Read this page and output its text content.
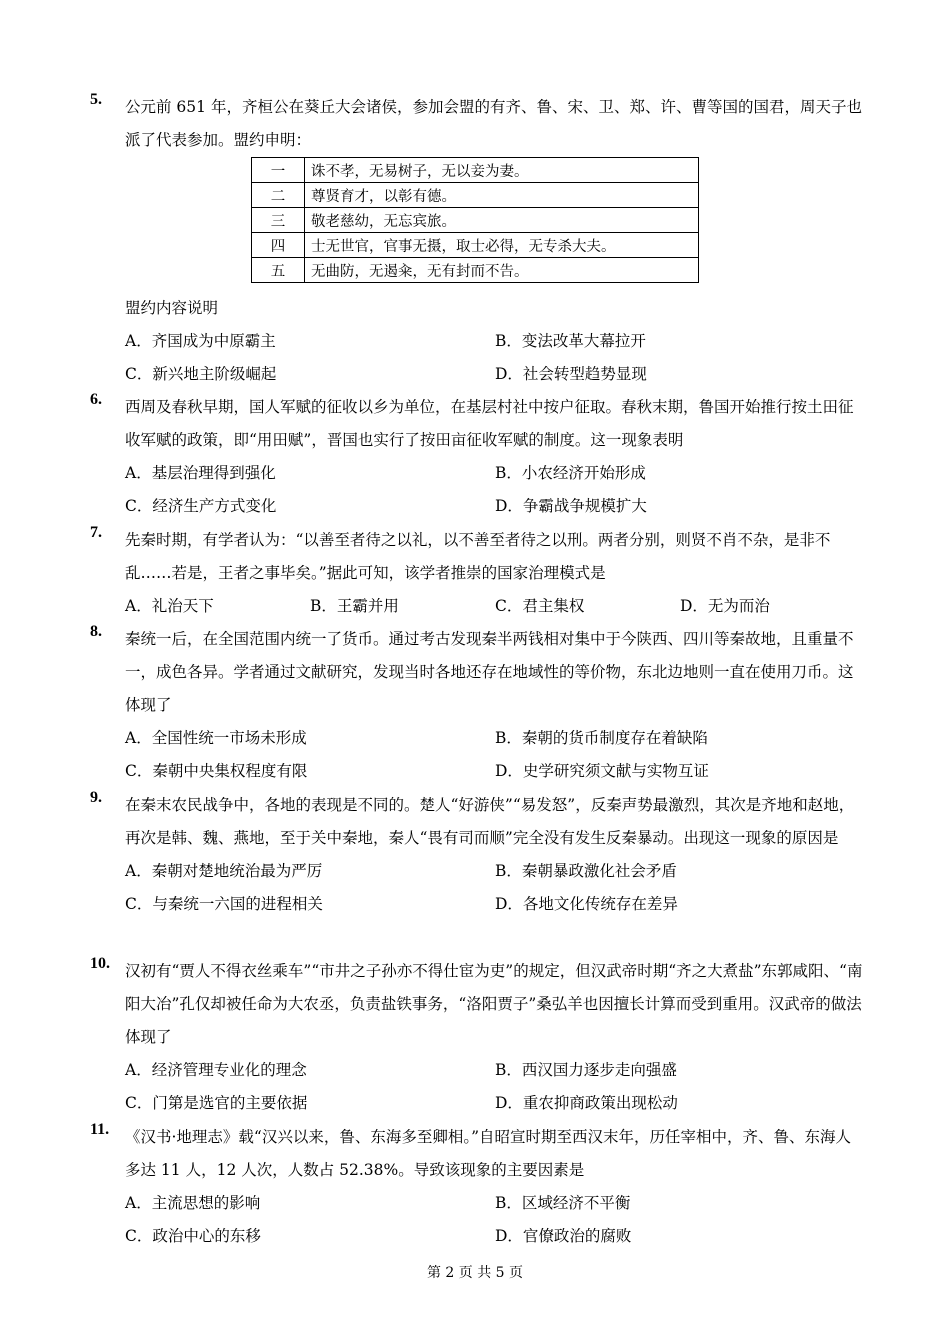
5. 公元前 651 年，齐桓公在葵丘大会诸侯，参加会盟的有齐、鲁、宋、卫、郑、许、曹等国的国君，周天子也派了代表参加。盟约申明：
一	诛不孝，无易树子，无以妾为妻。
二	尊贤育才，以彰有德。
三	敬老慈幼，无忘宾旅。
四	士无世官，官事无摄，取士必得，无专杀大夫。
五	无曲防，无遏籴，无有封而不告。
盟约内容说明
A．齐国成为中原霸主	B．变法改革大幕拉开
C．新兴地主阶级崛起	D．社会转型趋势显现
6. 西周及春秋早期，国人军赋的征收以乡为单位，在基层村社中按户征取。春秋末期，鲁国开始推行按土田征收军赋的政策，即“用田赋”，晋国也实行了按田亩征收军赋的制度。这一现象表明
A．基层治理得到强化	B．小农经济开始形成
C．经济生产方式变化	D．争霸战争规模扩大
7. 先秦时期，有学者认为：“以善至者待之以礼，以不善至者待之以刑。两者分别，则贤不肖不杂，是非不乱……若是，王者之事毕矣。”据此可知，该学者推崇的国家治理模式是
A．礼治天下	B．王霸并用	C．君主集权	D．无为而治
8. 秦统一后，在全国范围内统一了货币。通过考古发现秦半两钱相对集中于今陕西、四川等秦故地，且重量不一，成色各异。学者通过文献研究，发现当时各地还存在地域性的等价物，东北边地则一直在使用刀币。这体现了
A．全国性统一市场未形成	B．秦朝的货币制度存在着缺陷
C．秦朝中央集权程度有限	D．史学研究须文献与实物互证
9. 在秦末农民战争中，各地的表现是不同的。楚人“好游侠”“易发怒”，反秦声势最激烈，其次是齐地和赵地，再次是韩、魏、燕地，至于关中秦地，秦人“畏有司而顺”完全没有发生反秦暴动。出现这一现象的原因是
A．秦朝对楚地统治最为严厉	B．秦朝暴政激化社会矛盾
C．与秦统一六国的进程相关	D．各地文化传统存在差异
10. 汉初有“贾人不得衣丝乘车”“市井之子孙亦不得仕宦为吏”的规定，但汉武帝时期“齐之大煮盐”东郭咸阳、“南阳大冶”孔仅却被任命为大农丞，负责盐铁事务，“洛阳贾子”桑弘羊也因擅长计算而受到重用。汉武帝的做法体现了
A．经济管理专业化的理念	B．西汉国力逐步走向强盛
C．门第是选官的主要依据	D．重农抑商政策出现松动
11. 《汉书·地理志》载“汉兴以来，鲁、东海多至卿相。”自昭宣时期至西汉末年，历任宰相中，齐、鲁、东海人多达 11 人，12 人次，人数占 52.38%。导致该现象的主要因素是
A．主流思想的影响	B．区域经济不平衡
C．政治中心的东移	D．官僚政治的腐败
第 2 页 共 5 页
